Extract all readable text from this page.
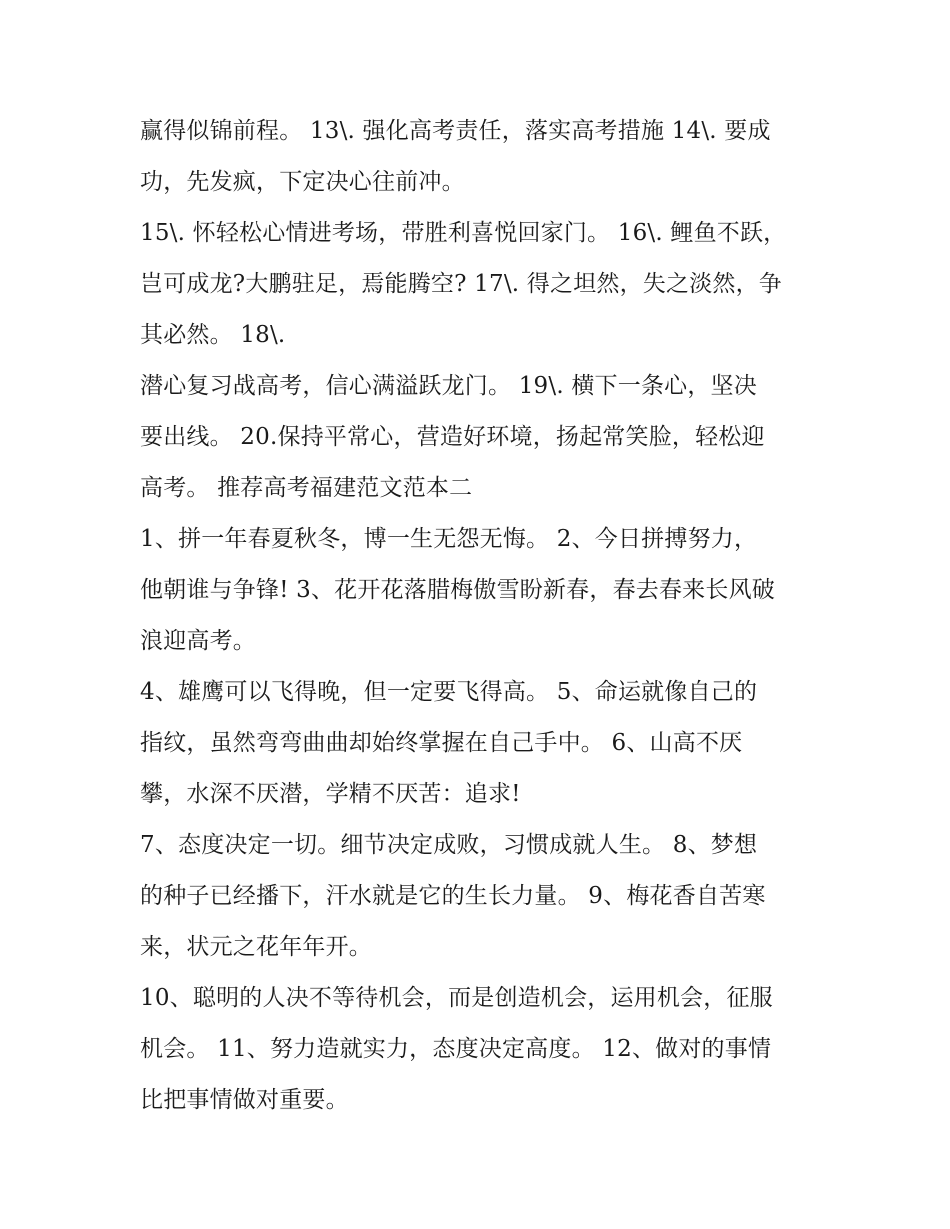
赢得似锦前程。 13\. 强化高考责任，落实高考措施 14\. 要成
功，先发疯，下定决心往前冲。
15\. 怀轻松心情进考场，带胜利喜悦回家门。 16\. 鲤鱼不跃，
岂可成龙?大鹏驻足，焉能腾空? 17\. 得之坦然，失之淡然，争
其必然。 18\.
潜心复习战高考，信心满溢跃龙门。 19\. 横下一条心，坚决
要出线。 20.保持平常心，营造好环境，扬起常笑脸，轻松迎
高考。 推荐高考福建范文范本二
1、拼一年春夏秋冬，博一生无怨无悔。 2、今日拼搏努力，
他朝谁与争锋! 3、花开花落腊梅傲雪盼新春，春去春来长风破
浪迎高考。
4、雄鹰可以飞得晚，但一定要飞得高。 5、命运就像自己的
指纹，虽然弯弯曲曲却始终掌握在自己手中。 6、山高不厌
攀，水深不厌潜，学精不厌苦：追求!
7、态度决定一切。细节决定成败，习惯成就人生。 8、梦想
的种子已经播下，汗水就是它的生长力量。 9、梅花香自苦寒
来，状元之花年年开。
10、聪明的人决不等待机会，而是创造机会，运用机会，征服
机会。 11、努力造就实力，态度决定高度。 12、做对的事情
比把事情做对重要。
